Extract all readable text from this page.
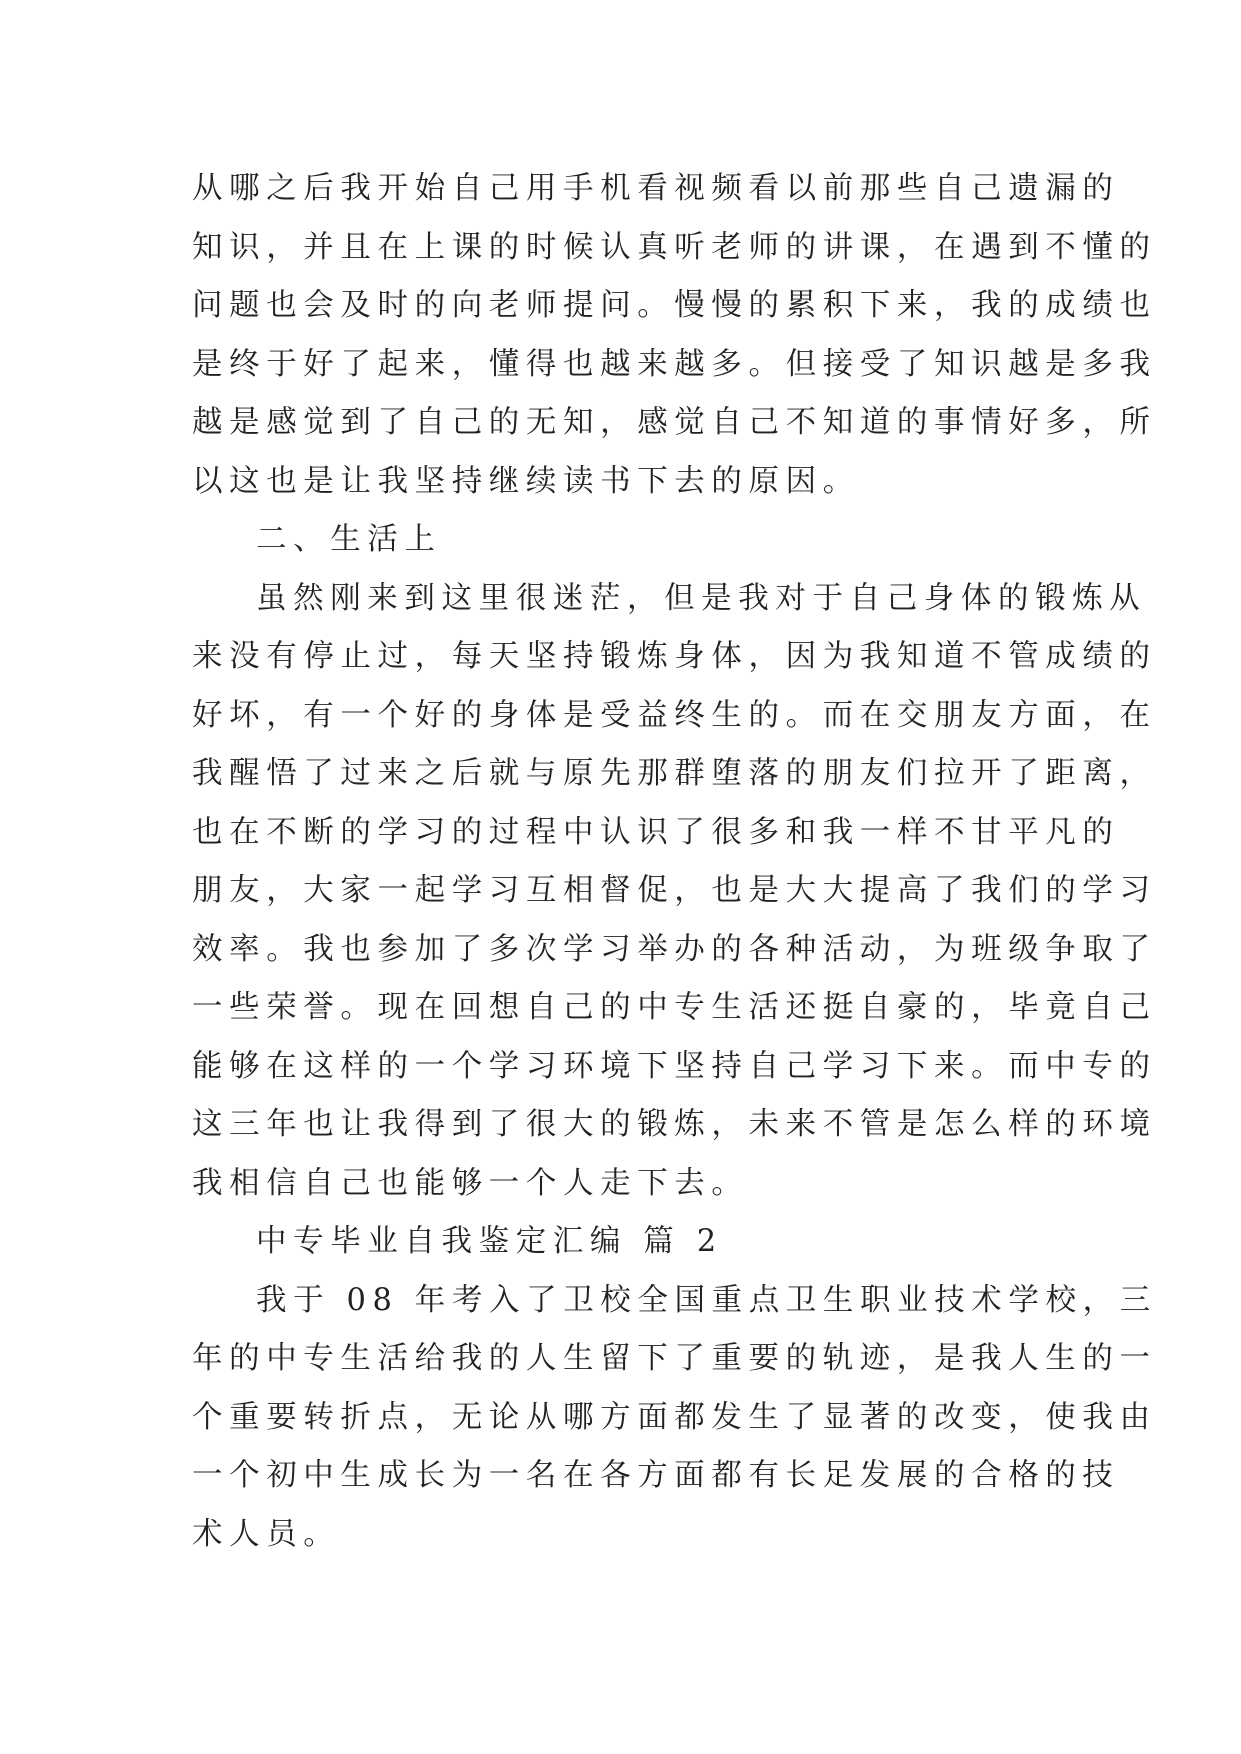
从哪之后我开始自己用手机看视频看以前那些自己遗漏的
知识，并且在上课的时候认真听老师的讲课，在遇到不懂的
问题也会及时的向老师提问。慢慢的累积下来，我的成绩也
是终于好了起来，懂得也越来越多。但接受了知识越是多我
越是感觉到了自己的无知，感觉自己不知道的事情好多，所
以这也是让我坚持继续读书下去的原因。
二、生活上
虽然刚来到这里很迷茫，但是我对于自己身体的锻炼从
来没有停止过，每天坚持锻炼身体，因为我知道不管成绩的
好坏，有一个好的身体是受益终生的。而在交朋友方面，在
我醒悟了过来之后就与原先那群堕落的朋友们拉开了距离，
也在不断的学习的过程中认识了很多和我一样不甘平凡的
朋友，大家一起学习互相督促，也是大大提高了我们的学习
效率。我也参加了多次学习举办的各种活动，为班级争取了
一些荣誉。现在回想自己的中专生活还挺自豪的，毕竟自己
能够在这样的一个学习环境下坚持自己学习下来。而中专的
这三年也让我得到了很大的锻炼，未来不管是怎么样的环境
我相信自己也能够一个人走下去。
中专毕业自我鉴定汇编 篇 2
我于 08 年考入了卫校全国重点卫生职业技术学校，三
年的中专生活给我的人生留下了重要的轨迹，是我人生的一
个重要转折点，无论从哪方面都发生了显著的改变，使我由
一个初中生成长为一名在各方面都有长足发展的合格的技
术人员。
